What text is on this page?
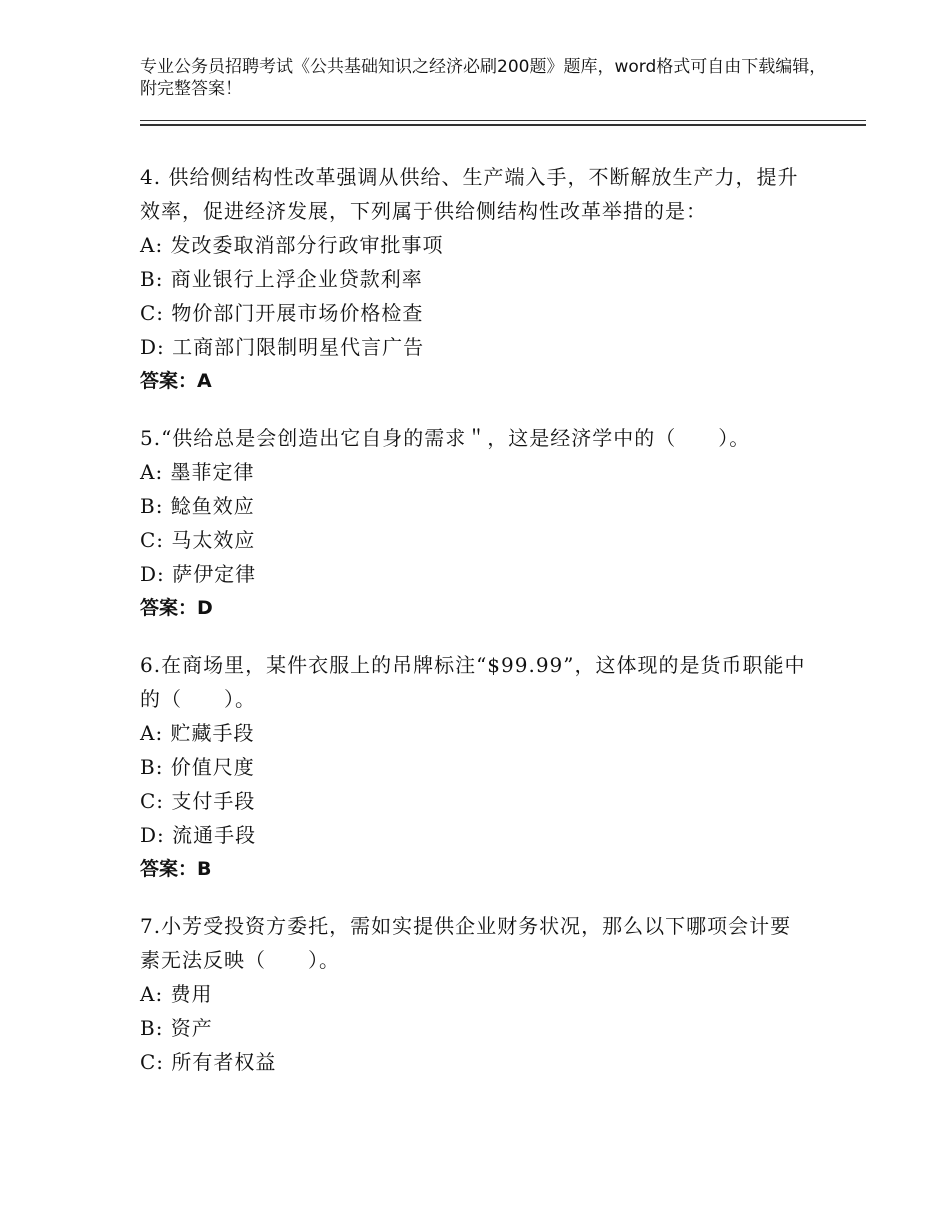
专业公务员招聘考试《公共基础知识之经济必刷200题》题库，word格式可自由下载编辑，附完整答案！
4. 供给侧结构性改革强调从供给、生产端入手，不断解放生产力，提升效率，促进经济发展，下列属于供给侧结构性改革举措的是：
A: 发改委取消部分行政审批事项
B: 商业银行上浮企业贷款利率
C: 物价部门开展市场价格检查
D: 工商部门限制明星代言广告
答案：A
5.“供给总是会创造出它自身的需求＂，这是经济学中的（　　）。
A: 墨菲定律
B: 鲶鱼效应
C: 马太效应
D: 萨伊定律
答案：D
6.在商场里，某件衣服上的吊牌标注“$99.99”，这体现的是货币职能中的（　　）。
A: 贮藏手段
B: 价值尺度
C: 支付手段
D: 流通手段
答案：B
7.小芳受投资方委托，需如实提供企业财务状况，那么以下哪项会计要素无法反映（　　）。
A: 费用
B: 资产
C: 所有者权益
